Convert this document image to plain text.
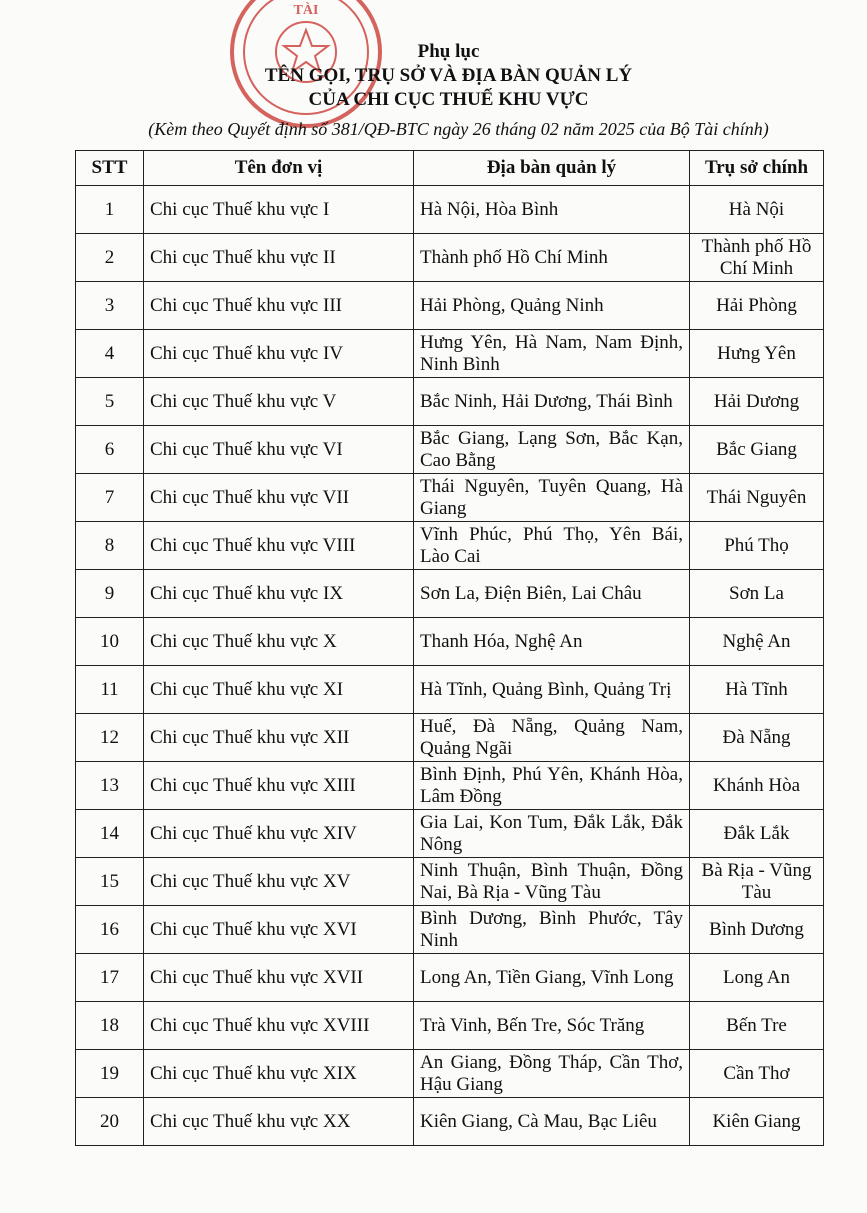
TÀI
Phụ lục
TÊN GỌI, TRỤ SỞ VÀ ĐỊA BÀN QUẢN LÝ
CỦA CHI CỤC THUẾ KHU VỰC
(Kèm theo Quyết định số 381/QĐ-BTC ngày 26 tháng 02 năm 2025 của Bộ Tài chính)
STT	Tên đơn vị	Địa bàn quản lý	Trụ sở chính
1	Chi cục Thuế khu vực I	Hà Nội, Hòa Bình	Hà Nội
2	Chi cục Thuế khu vực II	Thành phố Hồ Chí Minh	Thành phố Hồ Chí Minh
3	Chi cục Thuế khu vực III	Hải Phòng, Quảng Ninh	Hải Phòng
4	Chi cục Thuế khu vực IV	Hưng Yên, Hà Nam, Nam Định, Ninh Bình	Hưng Yên
5	Chi cục Thuế khu vực V	Bắc Ninh, Hải Dương, Thái Bình	Hải Dương
6	Chi cục Thuế khu vực VI	Bắc Giang, Lạng Sơn, Bắc Kạn, Cao Bằng	Bắc Giang
7	Chi cục Thuế khu vực VII	Thái Nguyên, Tuyên Quang, Hà Giang	Thái Nguyên
8	Chi cục Thuế khu vực VIII	Vĩnh Phúc, Phú Thọ, Yên Bái, Lào Cai	Phú Thọ
9	Chi cục Thuế khu vực IX	Sơn La, Điện Biên, Lai Châu	Sơn La
10	Chi cục Thuế khu vực X	Thanh Hóa, Nghệ An	Nghệ An
11	Chi cục Thuế khu vực XI	Hà Tĩnh, Quảng Bình, Quảng Trị	Hà Tĩnh
12	Chi cục Thuế khu vực XII	Huế, Đà Nẵng, Quảng Nam, Quảng Ngãi	Đà Nẵng
13	Chi cục Thuế khu vực XIII	Bình Định, Phú Yên, Khánh Hòa, Lâm Đồng	Khánh Hòa
14	Chi cục Thuế khu vực XIV	Gia Lai, Kon Tum, Đắk Lắk, Đắk Nông	Đắk Lắk
15	Chi cục Thuế khu vực XV	Ninh Thuận, Bình Thuận, Đồng Nai, Bà Rịa - Vũng Tàu	Bà Rịa - Vũng Tàu
16	Chi cục Thuế khu vực XVI	Bình Dương, Bình Phước, Tây Ninh	Bình Dương
17	Chi cục Thuế khu vực XVII	Long An, Tiền Giang, Vĩnh Long	Long An
18	Chi cục Thuế khu vực XVIII	Trà Vinh, Bến Tre, Sóc Trăng	Bến Tre
19	Chi cục Thuế khu vực XIX	An Giang, Đồng Tháp, Cần Thơ, Hậu Giang	Cần Thơ
20	Chi cục Thuế khu vực XX	Kiên Giang, Cà Mau, Bạc Liêu	Kiên Giang
